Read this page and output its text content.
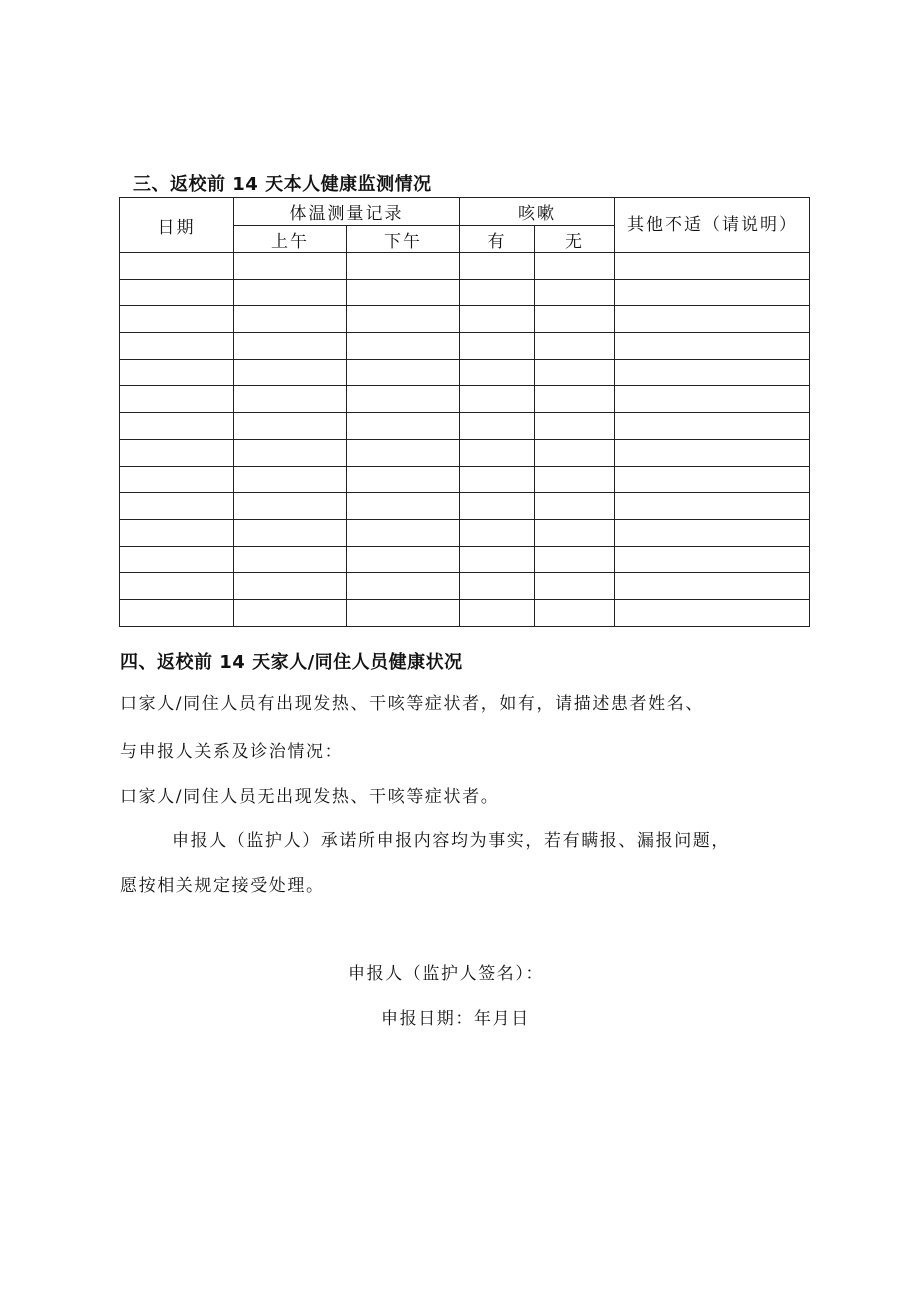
三、返校前 14 天本人健康监测情况
日期	体温测量记录		咳嗽		其他不适（请说明）
	上午	下午	有	无	

四、返校前 14 天家人/同住人员健康状况
口家人/同住人员有出现发热、干咳等症状者，如有，请描述患者姓名、
与申报人关系及诊治情况：
口家人/同住人员无出现发热、干咳等症状者。
申报人（监护人）承诺所申报内容均为事实，若有瞒报、漏报问题，
愿按相关规定接受处理。
申报人（监护人签名）：
申报日期：年月日
